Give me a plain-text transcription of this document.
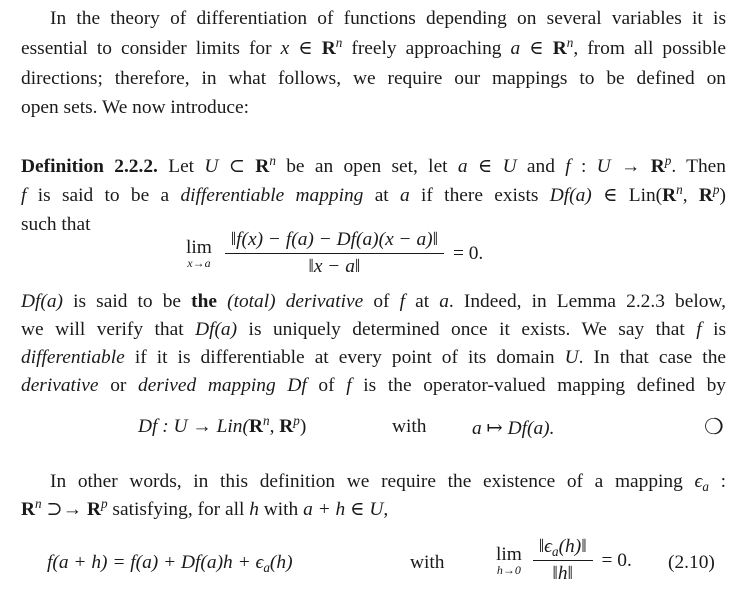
In the theory of differentiation of functions depending on several variables it is
essential to consider limits for x ∈ $R^n$ freely approaching a ∈ $R^n$, from all possible
directions; therefore, in what follows, we require our mappings to be defined on
open sets. We now introduce:
Definition 2.2.2. Let U ⊂ $R^n$ be an open set, let a ∈ U and f : $U \to R^p$. Then
f is said to be a differentiable mapping at a if there exists Df(a) ∈ $Lin(R^n$, $R^p$)
such that
lim
x→a
$\frac{‖f(x) - f(a) - Df(a)(x - a)‖}{‖x - a‖} = 0$.
Df(a) is said to be the (total) derivative of f at a. Indeed, in Lemma 2.2.3 below,
we will verify that Df(a) is uniquely determined once it exists. We say that f is
differentiable if it is differentiable at every point of its domain U. In that case the
derivative or derived mapping Df of f is the operator-valued mapping defined by
Df : $U \to Lin(R^n$, $R^p$)	with a ↦ Df(a).	❍
In other words, in this definition we require the existence of a mapping $\epsilon_a$ :
$R^n$ ⊃→ $R^p$ satisfying, for all h with a + h ∈ U,
$f(a + h) = f(a) + Df(a)h + \epsilon_a(h)$	with	lim
h→0
$\frac{‖\epsilon_a(h)‖}{‖h‖} = 0$. (2.10)
